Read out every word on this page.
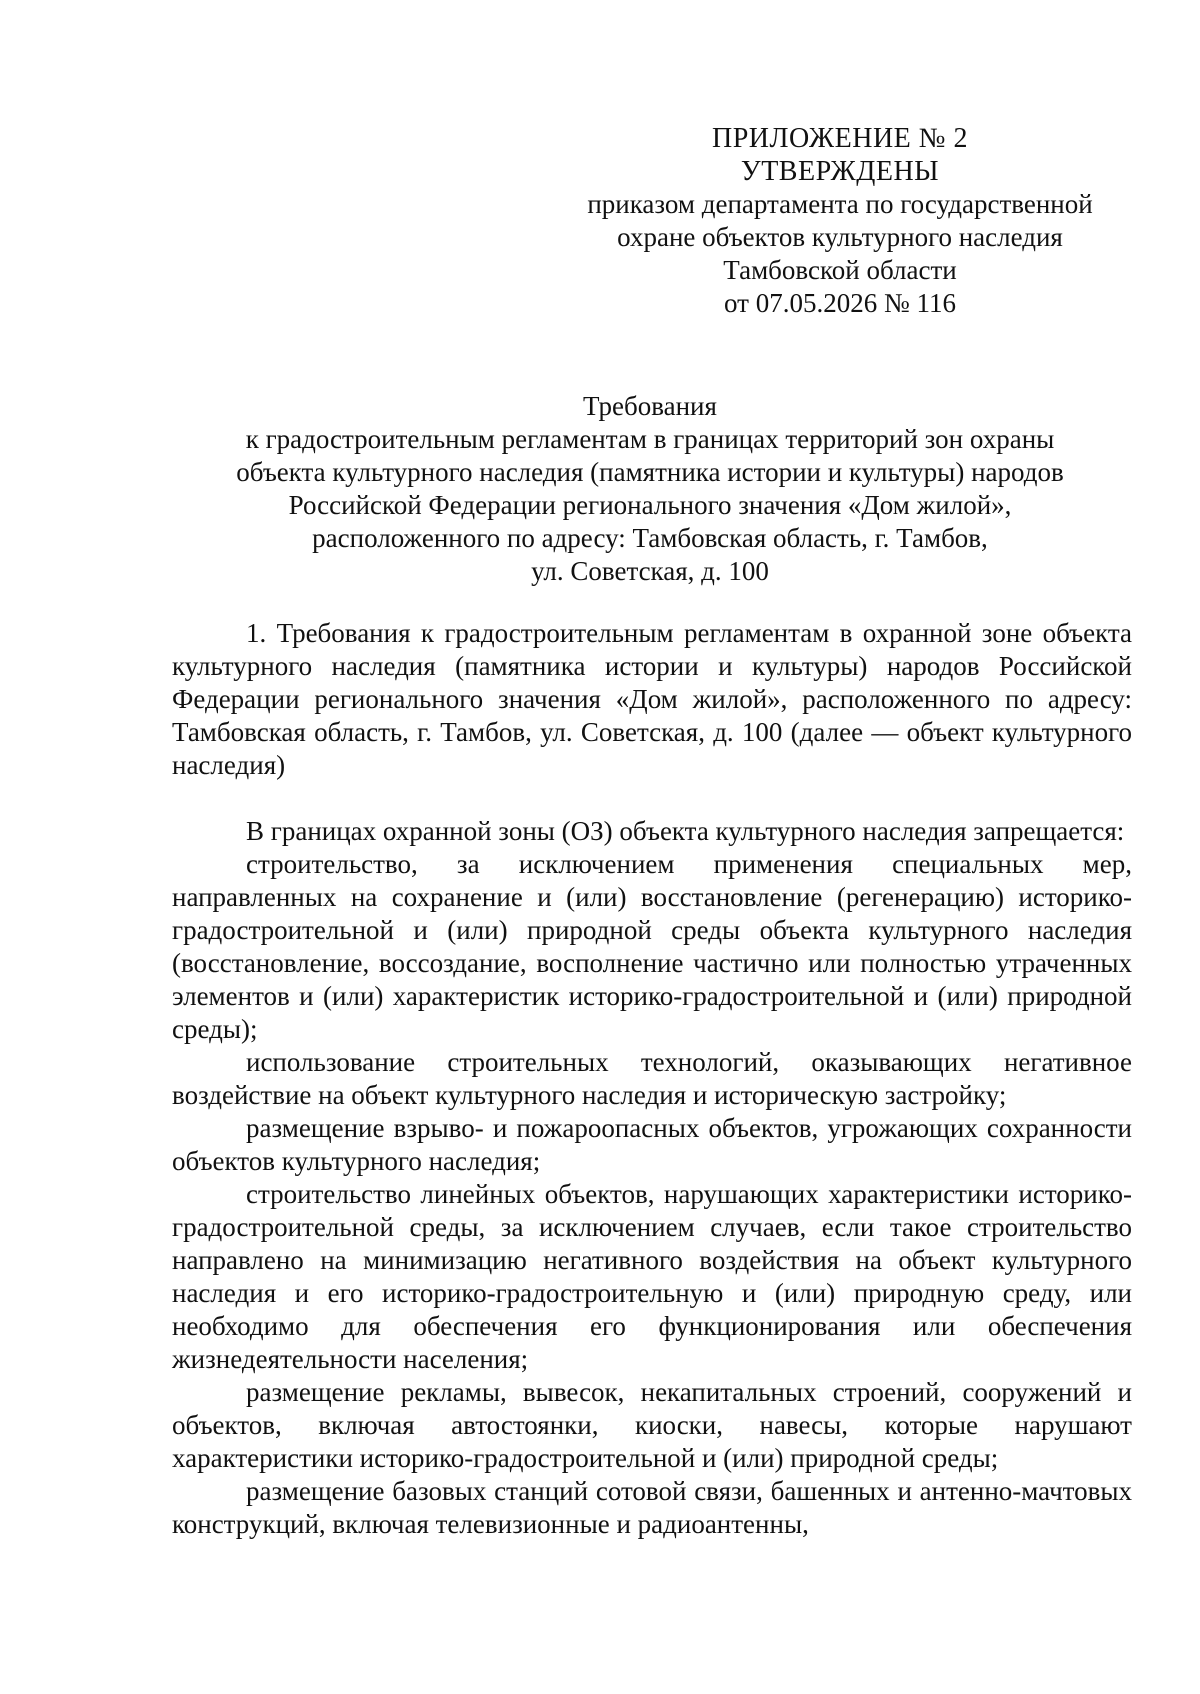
ПРИЛОЖЕНИЕ № 2
УТВЕРЖДЕНЫ
приказом департамента по государственной
охране объектов культурного наследия
Тамбовской области
от 07.05.2026 № 116
Требования
к градостроительным регламентам в границах территорий зон охраны
объекта культурного наследия (памятника истории и культуры) народов
Российской Федерации регионального значения «Дом жилой»,
расположенного по адресу: Тамбовская область, г. Тамбов,
ул. Советская, д. 100

1. Требования к градостроительным регламентам в охранной зоне объекта культурного наследия (памятника истории и культуры) народов Российской Федерации регионального значения «Дом жилой», расположенного по адресу: Тамбовская область, г. Тамбов, ул. Советская, д. 100 (далее — объект культурного наследия)

В границах охранной зоны (ОЗ) объекта культурного наследия запрещается:

строительство, за исключением применения специальных мер, направленных на сохранение и (или) восстановление (регенерацию) историко-градостроительной и (или) природной среды объекта культурного наследия (восстановление, воссоздание, восполнение частично или полностью утраченных элементов и (или) характеристик историко-градостроительной и (или) природной среды);

использование строительных технологий, оказывающих негативное воздействие на объект культурного наследия и историческую застройку;

размещение взрыво- и пожароопасных объектов, угрожающих сохранности объектов культурного наследия;

строительство линейных объектов, нарушающих характеристики историко-градостроительной среды, за исключением случаев, если такое строительство направлено на минимизацию негативного воздействия на объект культурного наследия и его историко-градостроительную и (или) природную среду, или необходимо для обеспечения его функционирования или обеспечения жизнедеятельности населения;

размещение рекламы, вывесок, некапитальных строений, сооружений и объектов, включая автостоянки, киоски, навесы, которые нарушают характеристики историко-градостроительной и (или) природной среды;

размещение базовых станций сотовой связи, башенных и антенно-мачтовых конструкций, включая телевизионные и радиоантенны,
